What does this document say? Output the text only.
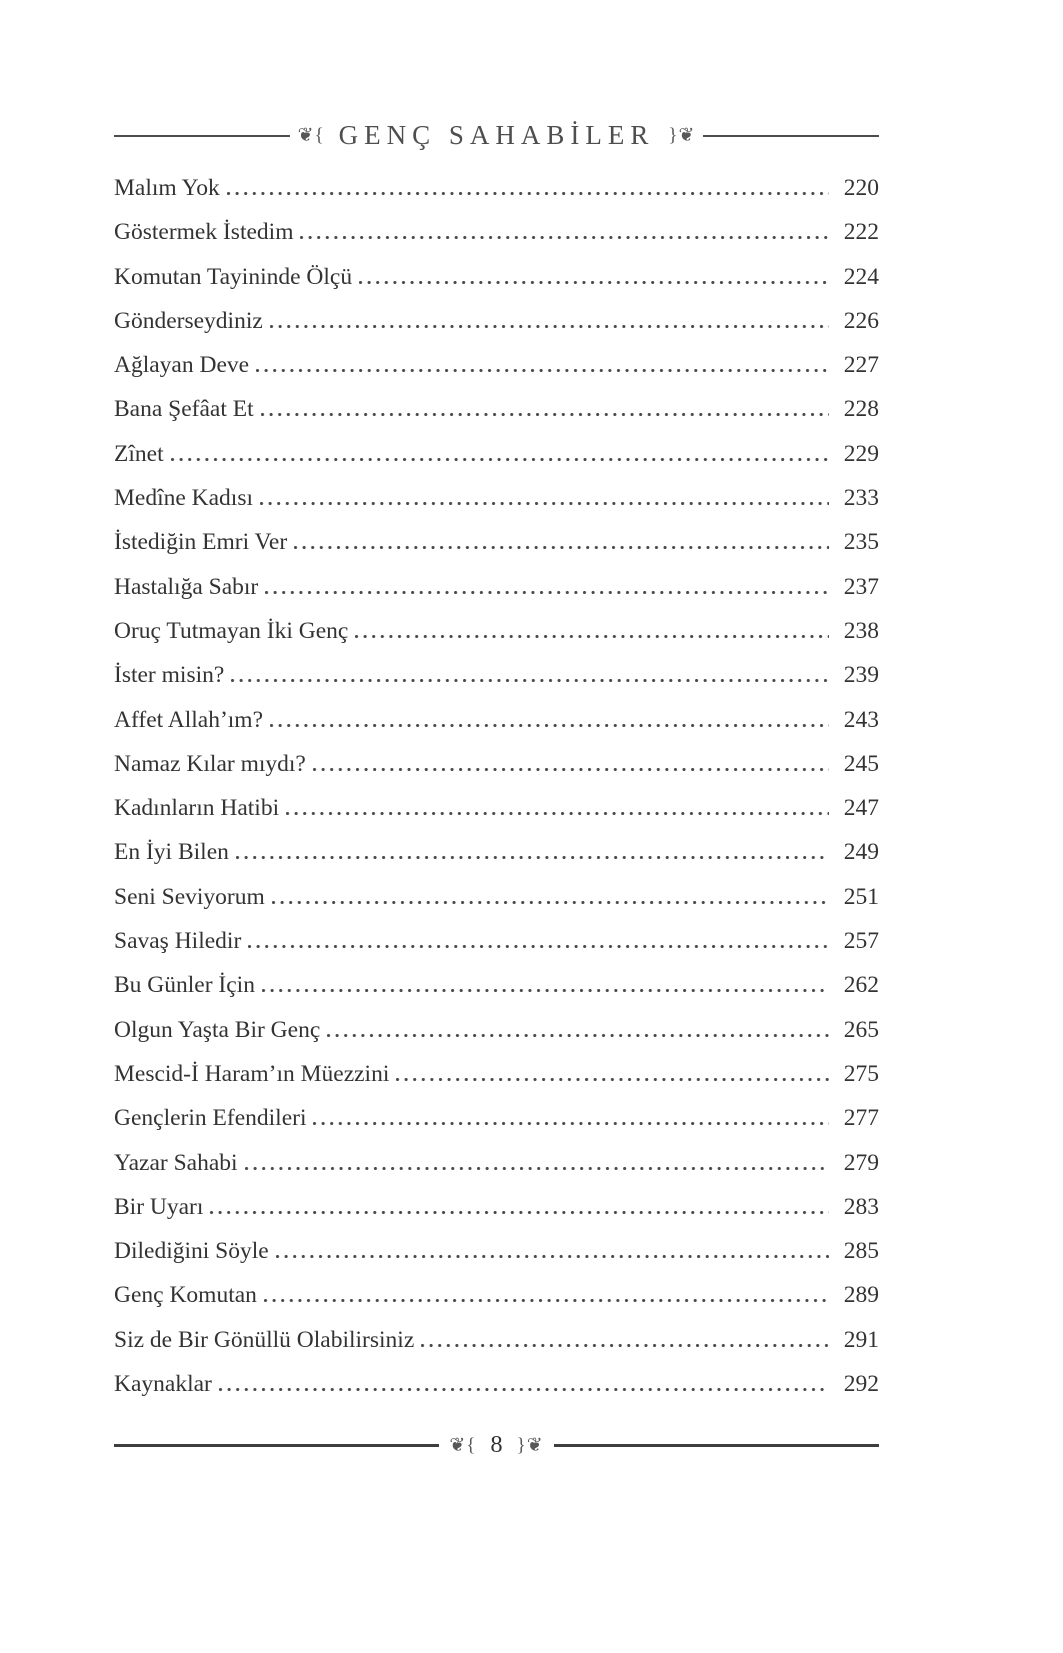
❦{ GENÇ SAHABİLER }❦
Malım Yok	220
Göstermek İstedim	222
Komutan Tayininde Ölçü	224
Gönderseydiniz	226
Ağlayan Deve	227
Bana Şefâat Et	228
Zînet	229
Medîne Kadısı	233
İstediğin Emri Ver	235
Hastalığa Sabır	237
Oruç Tutmayan İki Genç	238
İster misin?	239
Affet Allah’ım?	243
Namaz Kılar mıydı?	245
Kadınların Hatibi	247
En İyi Bilen	249
Seni Seviyorum	251
Savaş Hiledir	257
Bu Günler İçin	262
Olgun Yaşta Bir Genç	265
Mescid-İ Haram’ın Müezzini	275
Gençlerin Efendileri	277
Yazar Sahabi	279
Bir Uyarı	283
Dilediğini Söyle	285
Genç Komutan	289
Siz de Bir Gönüllü Olabilirsiniz	291
Kaynaklar	292
❦{ 8 }❦
